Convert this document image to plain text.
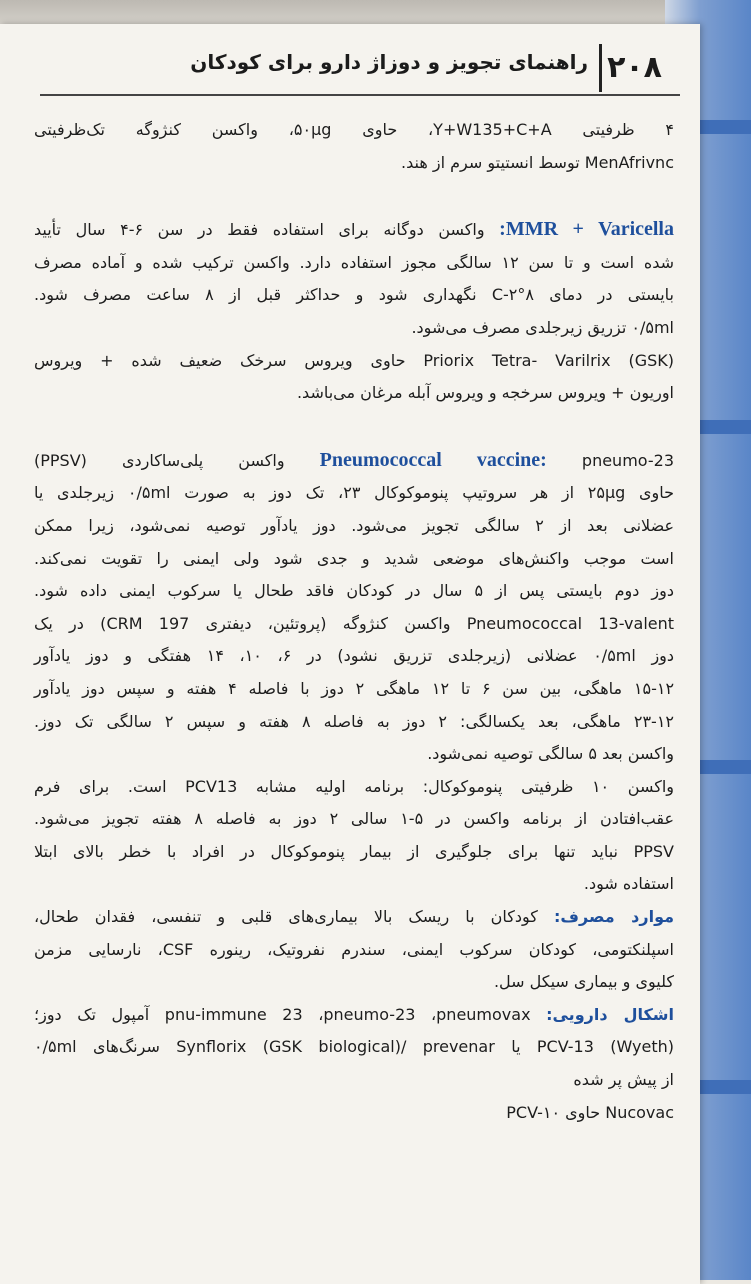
۲۰۸
راهنمای تجویز و دوزاژ دارو برای کودکان
۴ ظرفیتی Y+W135+C+A، حاوی ۵۰μg، واکسن کنژوگه تک‌ظرفیتی
MenAfrivnc توسط انستیتو سرم از هند.
MMR + Varicella: واکسن دوگانه برای استفاده فقط در سن ۶-۴ سال تأیید
شده است و تا سن ۱۲ سالگی مجوز استفاده دارد. واکسن ترکیب شده و آماده مصرف
بایستی در دمای ۸°C-۲ نگهداری شود و حداکثر قبل از ۸ ساعت مصرف شود.
۰/۵ml تزریق زیرجلدی مصرف می‌شود.
Priorix Tetra- Varilrix (GSK) حاوی ویروس سرخک ضعیف شده + ویروس
اوریون + ویروس سرخجه و ویروس آبله مرغان می‌باشد.
Pneumococcal vaccine: pneumo-23 واکسن پلی‌ساکاردی (PPSV)
حاوی ۲۵μg از هر سروتیپ پنوموکوکال ۲۳، تک دوز به صورت ۰/۵ml زیرجلدی یا
عضلانی بعد از ۲ سالگی تجویز می‌شود. دوز یادآور توصیه نمی‌شود، زیرا ممکن
است موجب واکنش‌های موضعی شدید و جدی شود ولی ایمنی را تقویت نمی‌کند.
دوز دوم بایستی پس از ۵ سال در کودکان فاقد طحال یا سرکوب ایمنی داده شود.
Pneumococcal 13-valent واکسن کنژوگه (پروتئین، دیفتری CRM 197) در یک
دوز ۰/۵ml عضلانی (زیرجلدی تزریق نشود) در ۶، ۱۰، ۱۴ هفتگی و دوز یادآور
۱۵-۱۲ ماهگی، بین سن ۶ تا ۱۲ ماهگی ۲ دوز با فاصله ۴ هفته و سپس دوز یادآور
۲۳-۱۲ ماهگی، بعد یکسالگی: ۲ دوز به فاصله ۸ هفته و سپس ۲ سالگی تک دوز.
واکسن بعد ۵ سالگی توصیه نمی‌شود.
واکسن ۱۰ ظرفیتی پنوموکوکال: برنامه اولیه مشابه PCV13 است. برای فرم
عقب‌افتادن از برنامه واکسن در ۵-۱ سالی ۲ دوز به فاصله ۸ هفته تجویز می‌شود.
PPSV نباید تنها برای جلوگیری از بیمار پنوموکوکال در افراد با خطر بالای ابتلا
استفاده شود.
موارد مصرف: کودکان با ریسک بالا بیماری‌های قلبی و تنفسی، فقدان طحال،
اسپلنکتومی، کودکان سرکوب ایمنی، سندرم نفروتیک، رینوره CSF، نارسایی مزمن
کلیوی و بیماری سیکل سل.
اشکال دارویی: pnu-immune 23 ،pneumo-23 ،pneumovax آمپول تک دوز؛
PCV-13 (Wyeth) یا Synflorix (GSK biological)/ prevenar سرنگ‌های ۰/۵ml
از پیش پر شده
Nucovac حاوی PCV-۱۰
